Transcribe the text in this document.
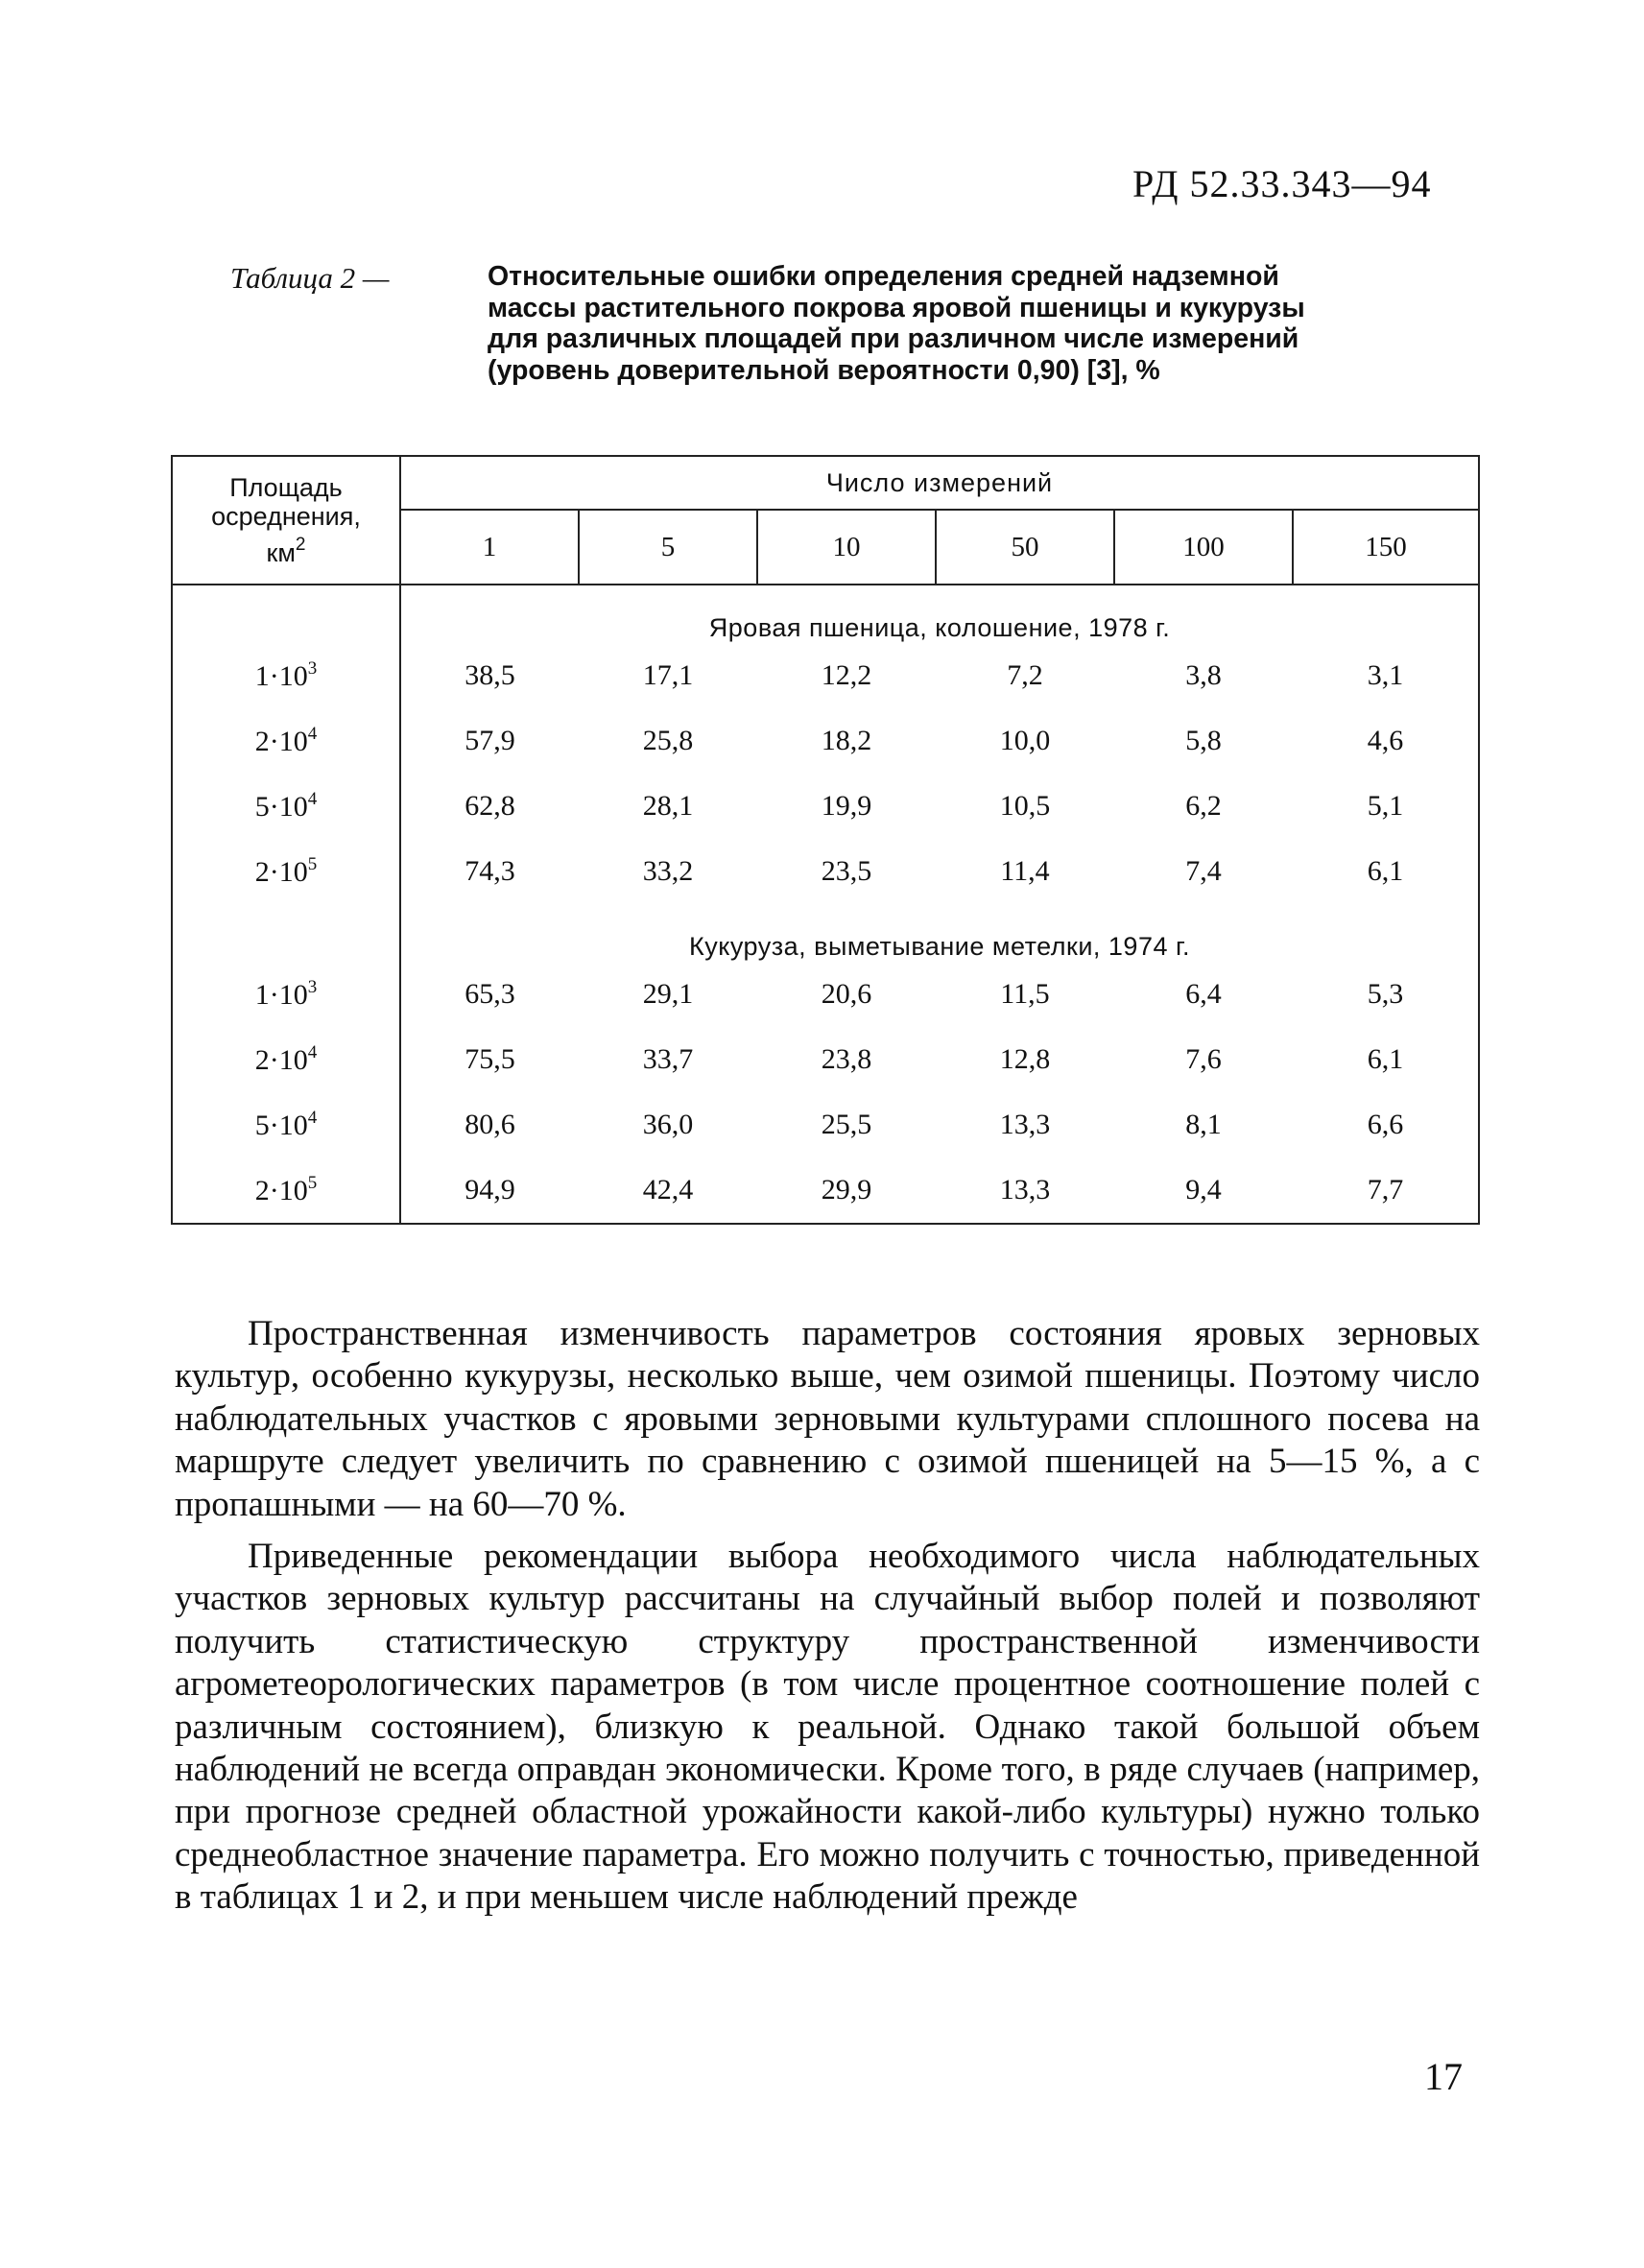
РД 52.33.343—94
Таблица 2 —	Относительные ошибки определения средней надземной
массы растительного покрова яровой пшеницы и кукурузы
для различных площадей при различном числе измерений
(уровень доверительной вероятности 0,90) [3], %
Площадь
осреднения,
$км^2$	Число измерений					
	1	5	10	50	100	150
	Яровая пшеница, колошение, 1978 г.					
$1\cdot 10^3$	38,5	17,1	12,2	7,2	3,8	3,1
$2\cdot 10^4$	57,9	25,8	18,2	10,0	5,8	4,6
$5\cdot 10^4$	62,8	28,1	19,9	10,5	6,2	5,1
$2\cdot 10^5$	74,3	33,2	23,5	11,4	7,4	6,1
	Кукуруза, выметывание метелки, 1974 г.					
$1\cdot 10^3$	65,3	29,1	20,6	11,5	6,4	5,3
$2\cdot 10^4$	75,5	33,7	23,8	12,8	7,6	6,1
$5\cdot 10^4$	80,6	36,0	25,5	13,3	8,1	6,6
$2\cdot 10^5$	94,9	42,4	29,9	13,3	9,4	7,7

Пространственная изменчивость параметров состояния яровых зерновых культур, особенно кукурузы, несколько выше, чем озимой пшеницы. Поэтому число наблюдательных участков с яровыми зерновыми культурами сплошного посева на маршруте следует увеличить по сравнению с озимой пшеницей на 5—15 %, а с пропашными — на 60—70 %.

Приведенные рекомендации выбора необходимого числа наблюдательных участков зерновых культур рассчитаны на случайный выбор полей и позволяют получить статистическую структуру пространственной изменчивости агрометеорологических параметров (в том числе процентное соотношение полей с различным состоянием), близкую к реальной. Однако такой большой объем наблюдений не всегда оправдан экономически. Кроме того, в ряде случаев (например, при прогнозе средней областной урожайности какой-либо культуры) нужно только среднеобластное значение параметра. Его можно получить с точностью, приведенной в таблицах 1 и 2, и при меньшем числе наблюдений прежде

17
